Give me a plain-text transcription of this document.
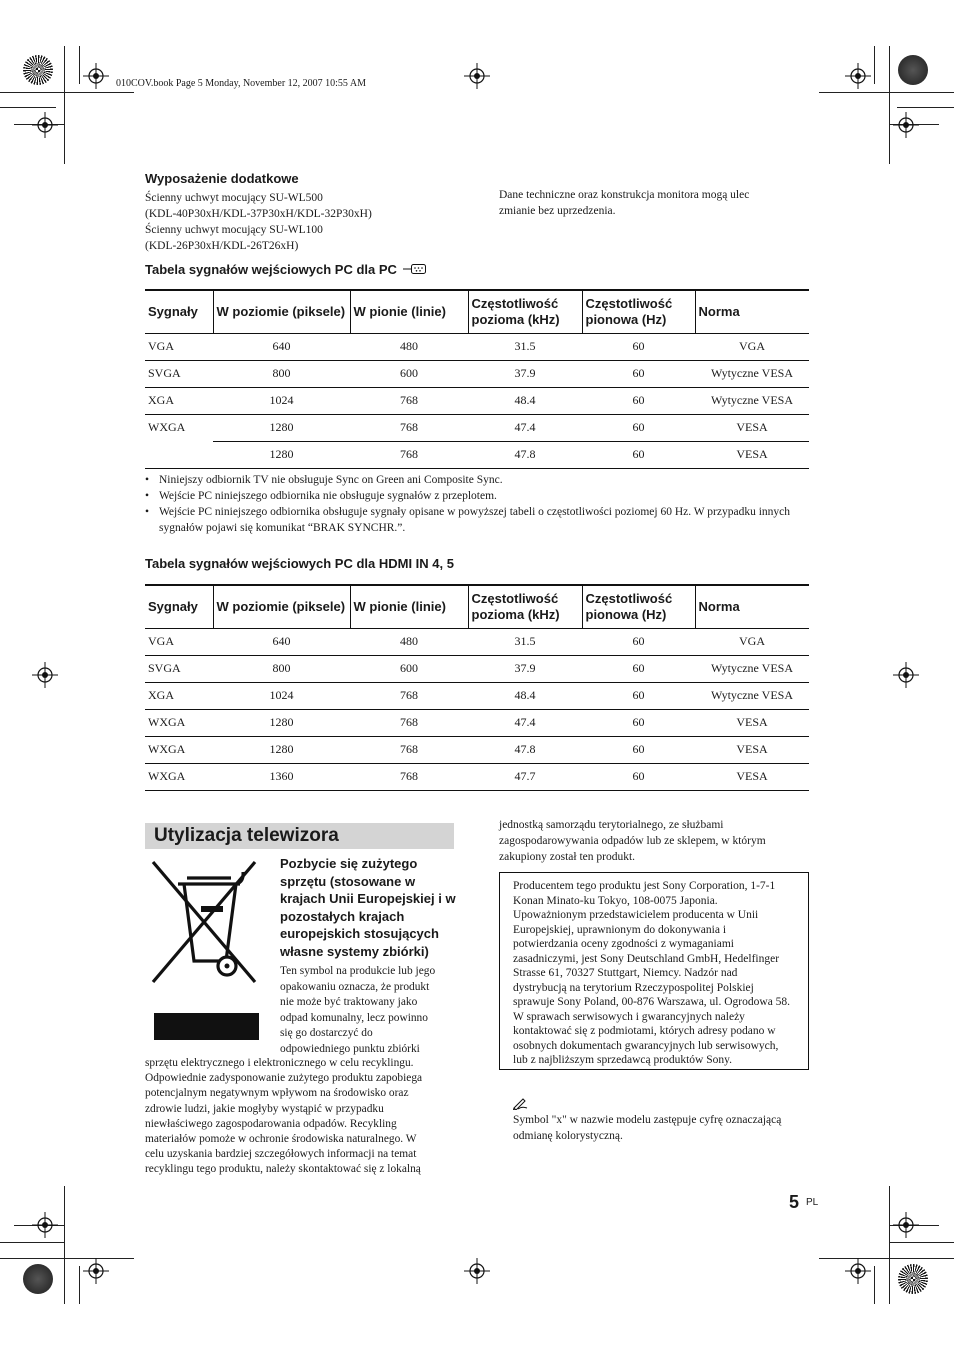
010COV.book Page 5 Monday, November 12, 2007 10:55 AM
Wyposażenie dodatkowe
Ścienny uchwyt mocujący SU-WL500
(KDL-40P30xH/KDL-37P30xH/KDL-32P30xH)
Ścienny uchwyt mocujący SU-WL100
(KDL-26P30xH/KDL-26T26xH)
Dane techniczne oraz konstrukcja monitora mogą ulec
zmianie bez uprzedzenia.
Tabela sygnałów wejściowych PC dla PC
Sygnały	W poziomie (piksele)	W pionie (linie)	Częstotliwość pozioma (kHz)	Częstotliwość pionowa (Hz)	Norma
VGA	640	480	31.5	60	VGA
SVGA	800	600	37.9	60	Wytyczne VESA
XGA	1024	768	48.4	60	Wytyczne VESA
WXGA	1280	768	47.4	60	VESA
	1280	768	47.8	60	VESA
• Niniejszy odbiornik TV nie obsługuje Sync on Green ani Composite Sync.
• Wejście PC niniejszego odbiornika nie obsługuje sygnałów z przeplotem.
• Wejście PC niniejszego odbiornika obsługuje sygnały opisane w powyższej tabeli o częstotliwości poziomej 60 Hz. W przypadku innych sygnałów pojawi się komunikat “BRAK SYNCHR.”.
Tabela sygnałów wejściowych PC dla HDMI IN 4, 5
Sygnały	W poziomie (piksele)	W pionie (linie)	Częstotliwość pozioma (kHz)	Częstotliwość pionowa (Hz)	Norma
VGA	640	480	31.5	60	VGA
SVGA	800	600	37.9	60	Wytyczne VESA
XGA	1024	768	48.4	60	Wytyczne VESA
WXGA	1280	768	47.4	60	VESA
WXGA	1280	768	47.8	60	VESA
WXGA	1360	768	47.7	60	VESA
Utylizacja telewizora
Pozbycie się zużytego sprzętu (stosowane w krajach Unii Europejskiej i w pozostałych krajach europejskich stosujących własne systemy zbiórki)
Ten symbol na produkcie lub jego
opakowaniu oznacza, że produkt
nie może być traktowany jako
odpad komunalny, lecz powinno
się go dostarczyć do
odpowiedniego punktu zbiórki
sprzętu elektrycznego i elektronicznego w celu recyklingu.
Odpowiednie zadysponowanie zużytego produktu zapobiega
potencjalnym negatywnym wpływom na środowisko oraz
zdrowie ludzi, jakie mogłyby wystąpić w przypadku
niewłaściwego zagospodarowania odpadów. Recykling
materiałów pomoże w ochronie środowiska naturalnego. W
celu uzyskania bardziej szczegółowych informacji na temat
recyklingu tego produktu, należy skontaktować się z lokalną
jednostką samorządu terytorialnego, ze służbami
zagospodarowywania odpadów lub ze sklepem, w którym
zakupiony został ten produkt.
Producentem tego produktu jest Sony Corporation, 1-7-1
Konan Minato-ku Tokyo, 108-0075 Japonia.
Upoważnionym przedstawicielem producenta w Unii
Europejskiej, uprawnionym do dokonywania i
potwierdzania oceny zgodności z wymaganiami
zasadniczymi, jest Sony Deutschland GmbH, Hedelfinger
Strasse 61, 70327 Stuttgart, Niemcy. Nadzór nad
dystrybucją na terytorium Rzeczypospolitej Polskiej
sprawuje Sony Poland, 00-876 Warszawa, ul. Ogrodowa 58.
W sprawach serwisowych i gwarancyjnych należy
kontaktować się z podmiotami, których adresy podano w
osobnych dokumentach gwarancyjnych lub serwisowych,
lub z najbliższym sprzedawcą produktów Sony.
Symbol "x" w nazwie modelu zastępuje cyfrę oznaczającą
odmianę kolorystyczną.
5 PL
